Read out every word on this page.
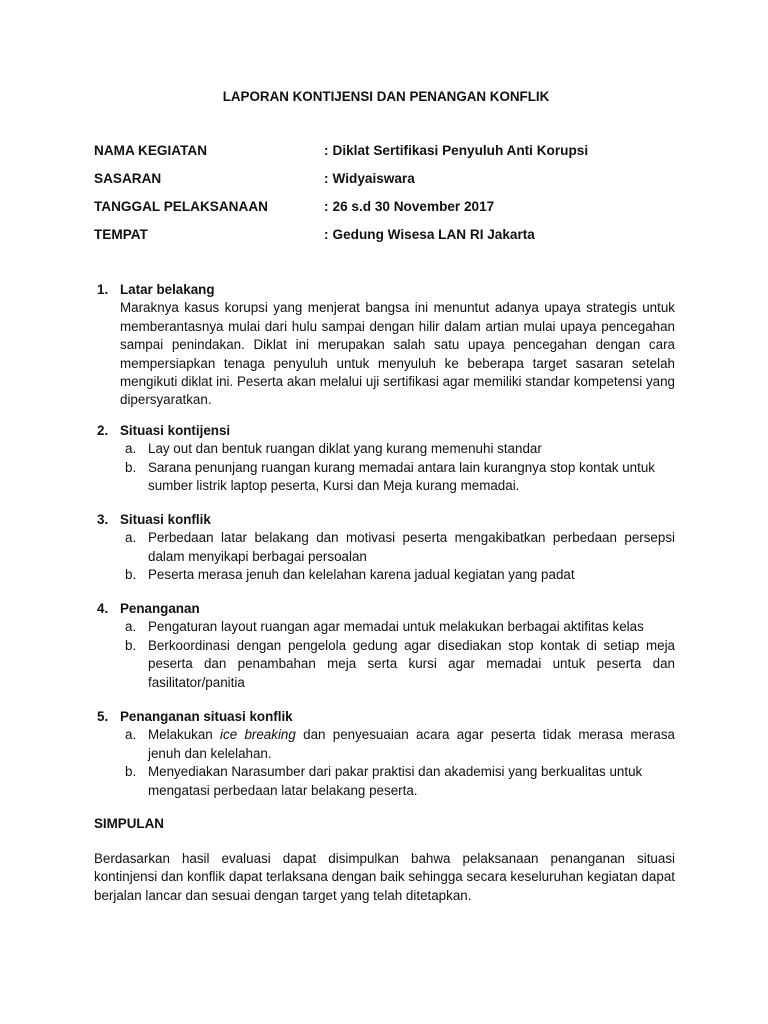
LAPORAN KONTIJENSI DAN PENANGAN KONFLIK
NAMA KEGIATAN	: Diklat Sertifikasi Penyuluh Anti Korupsi
SASARAN	: Widyaiswara
TANGGAL PELAKSANAAN	: 26 s.d 30 November 2017
TEMPAT	: Gedung Wisesa LAN RI Jakarta
1. Latar belakang
Maraknya kasus korupsi yang menjerat bangsa ini menuntut adanya upaya strategis untuk memberantasnya mulai dari hulu sampai dengan hilir dalam artian mulai upaya pencegahan sampai penindakan. Diklat ini merupakan salah satu upaya pencegahan dengan cara mempersiapkan tenaga penyuluh untuk menyuluh ke beberapa target sasaran setelah mengikuti diklat ini. Peserta akan melalui uji sertifikasi agar memiliki standar kompetensi yang dipersyaratkan.
2. Situasi kontijensi
a. Lay out dan bentuk ruangan diklat yang kurang memenuhi standar
b. Sarana penunjang ruangan kurang memadai antara lain kurangnya stop kontak untuk sumber listrik laptop peserta, Kursi dan Meja kurang memadai.
3. Situasi konflik
a. Perbedaan latar belakang dan motivasi peserta mengakibatkan perbedaan persepsi dalam menyikapi berbagai persoalan
b. Peserta merasa jenuh dan kelelahan karena jadual kegiatan yang padat
4. Penanganan
a. Pengaturan layout ruangan agar memadai untuk melakukan berbagai aktifitas kelas
b. Berkoordinasi dengan pengelola gedung agar disediakan stop kontak di setiap meja peserta dan penambahan meja serta kursi agar memadai untuk peserta dan fasilitator/panitia
5. Penanganan situasi konflik
a. Melakukan ice breaking dan penyesuaian acara agar peserta tidak merasa merasa jenuh dan kelelahan.
b. Menyediakan Narasumber dari pakar praktisi dan akademisi yang berkualitas untuk mengatasi perbedaan latar belakang peserta.
SIMPULAN
Berdasarkan hasil evaluasi dapat disimpulkan bahwa pelaksanaan penanganan situasi kontinjensi dan konflik dapat terlaksana dengan baik sehingga secara keseluruhan kegiatan dapat berjalan lancar dan sesuai dengan target yang telah ditetapkan.
